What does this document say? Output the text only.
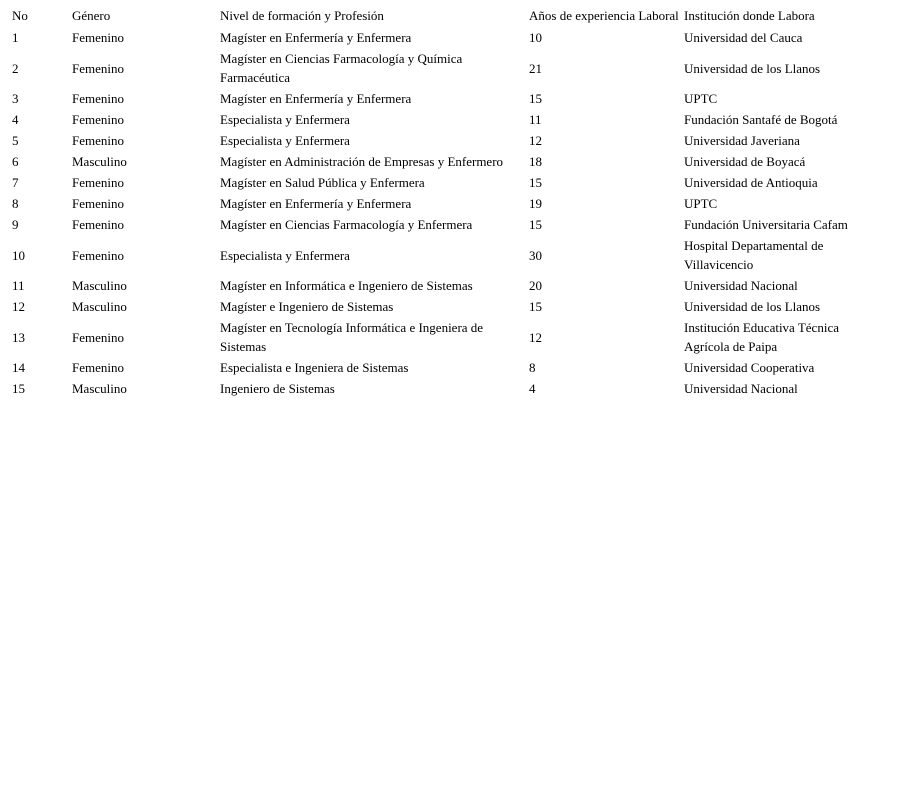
No	Género	Nivel de formación y Profesión	Años de experiencia Laboral	Institución donde Labora
1	Femenino	Magíster en Enfermería y Enfermera	10	Universidad del Cauca
2	Femenino	Magíster en Ciencias Farmacología y Química Farmacéutica	21	Universidad de los Llanos
3	Femenino	Magíster en Enfermería y Enfermera	15	UPTC
4	Femenino	Especialista y Enfermera	11	Fundación Santafé de Bogotá
5	Femenino	Especialista y Enfermera	12	Universidad Javeriana
6	Masculino	Magíster en Administración de Empresas y Enfermero	18	Universidad de Boyacá
7	Femenino	Magíster en Salud Pública y Enfermera	15	Universidad de Antioquia
8	Femenino	Magíster en Enfermería y Enfermera	19	UPTC
9	Femenino	Magíster en Ciencias Farmacología y Enfermera	15	Fundación Universitaria Cafam
10	Femenino	Especialista y Enfermera	30	Hospital Departamental de Villavicencio
11	Masculino	Magíster en Informática e Ingeniero de Sistemas	20	Universidad Nacional
12	Masculino	Magíster e Ingeniero de Sistemas	15	Universidad de los Llanos
13	Femenino	Magíster en Tecnología Informática e Ingeniera de Sistemas	12	Institución Educativa Técnica Agrícola de Paipa
14	Femenino	Especialista e Ingeniera de Sistemas	8	Universidad Cooperativa
15	Masculino	Ingeniero de Sistemas	4	Universidad Nacional
